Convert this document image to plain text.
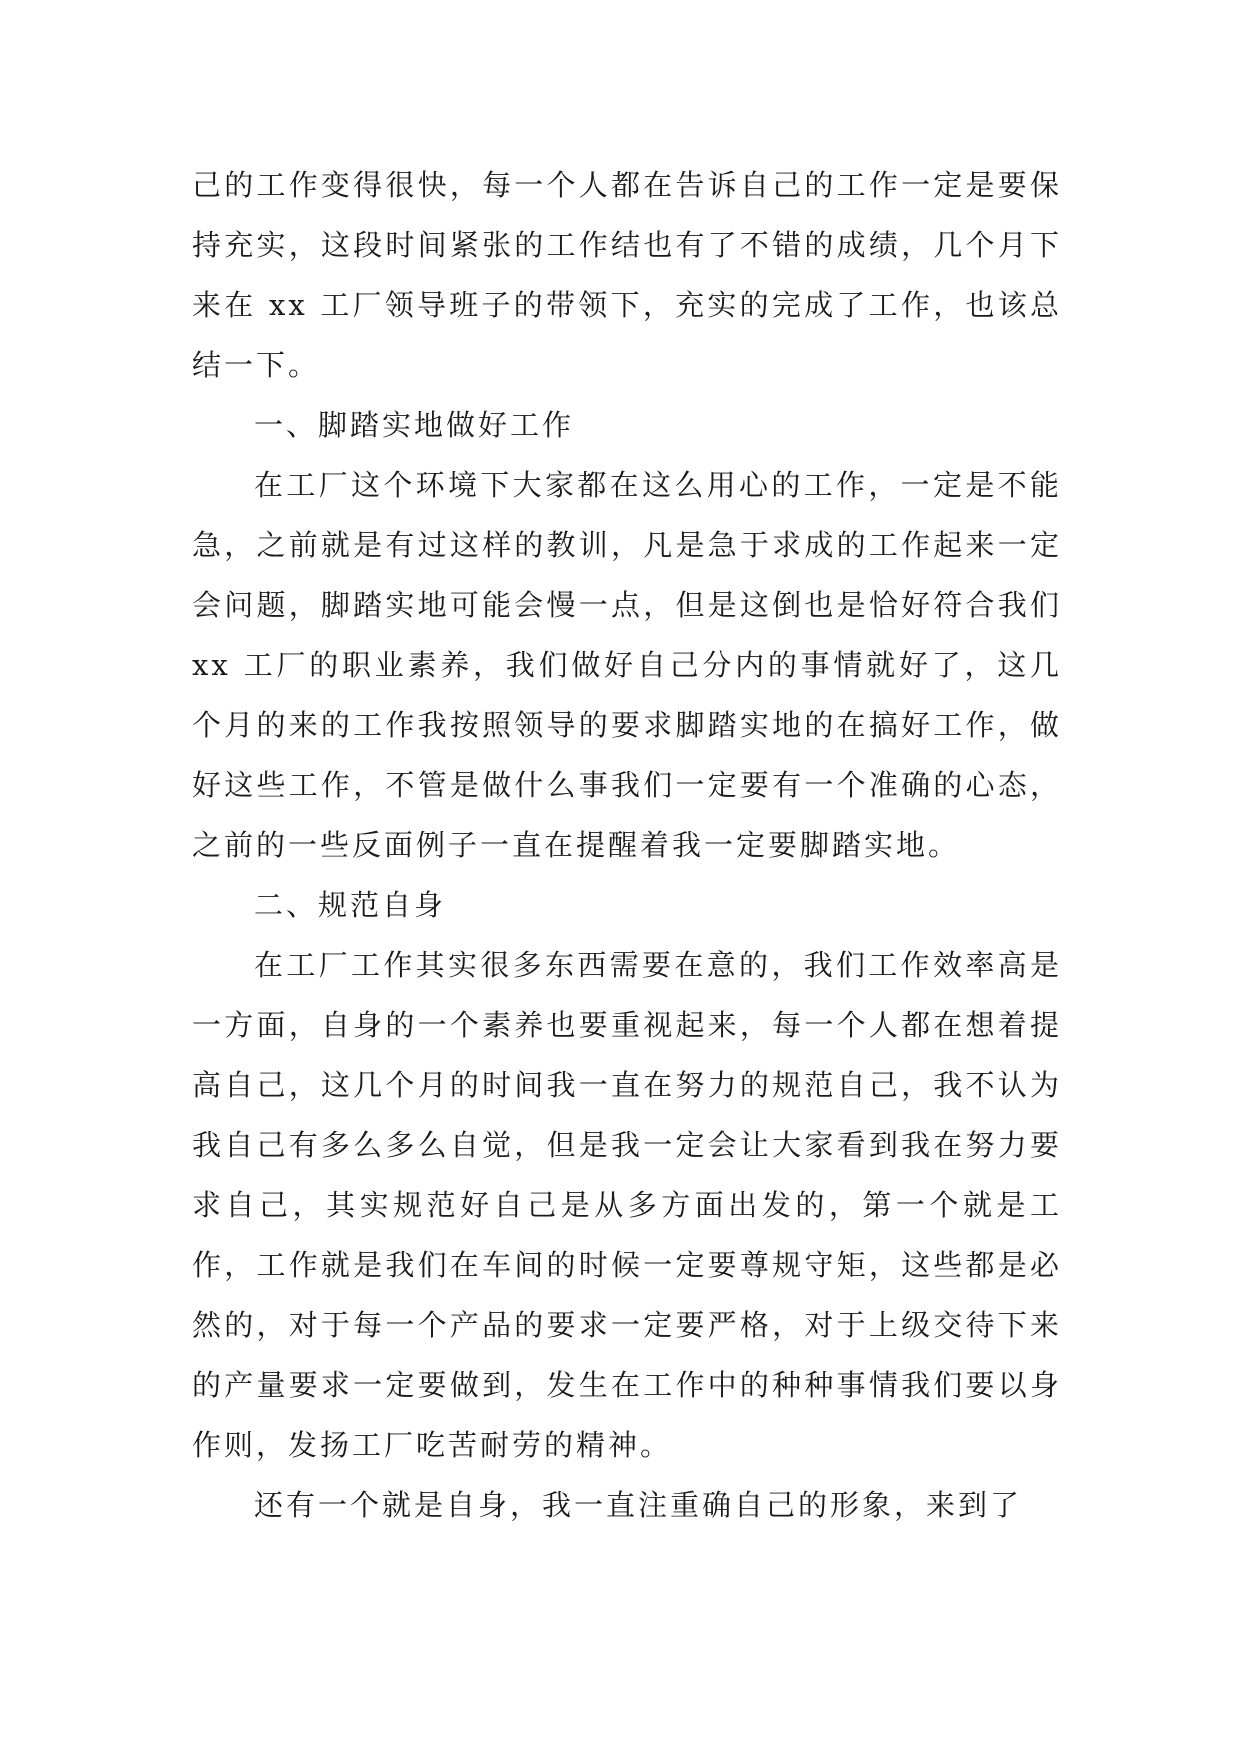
己的工作变得很快，每一个人都在告诉自己的工作一定是要保持充实，这段时间紧张的工作结也有了不错的成绩，几个月下来在 xx 工厂领导班子的带领下，充实的完成了工作，也该总结一下。

一、脚踏实地做好工作

在工厂这个环境下大家都在这么用心的工作，一定是不能急，之前就是有过这样的教训，凡是急于求成的工作起来一定会问题，脚踏实地可能会慢一点，但是这倒也是恰好符合我们 xx 工厂的职业素养，我们做好自己分内的事情就好了，这几个月的来的工作我按照领导的要求脚踏实地的在搞好工作，做好这些工作，不管是做什么事我们一定要有一个准确的心态，之前的一些反面例子一直在提醒着我一定要脚踏实地。

二、规范自身

在工厂工作其实很多东西需要在意的，我们工作效率高是一方面，自身的一个素养也要重视起来，每一个人都在想着提高自己，这几个月的时间我一直在努力的规范自己，我不认为我自己有多么多么自觉，但是我一定会让大家看到我在努力要求自己，其实规范好自己是从多方面出发的，第一个就是工作，工作就是我们在车间的时候一定要尊规守矩，这些都是必然的，对于每一个产品的要求一定要严格，对于上级交待下来的产量要求一定要做到，发生在工作中的种种事情我们要以身作则，发扬工厂吃苦耐劳的精神。

还有一个就是自身，我一直注重确自己的形象，来到了
